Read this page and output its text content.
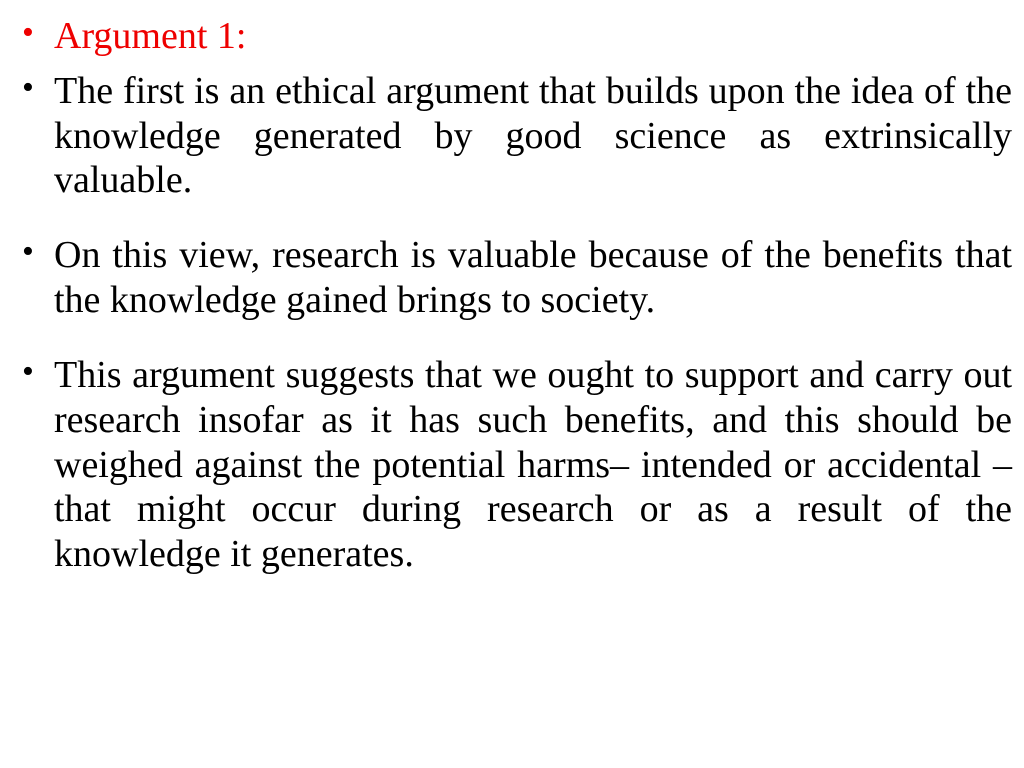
• Argument 1:
• The first is an ethical argument that builds upon the idea of the knowledge generated by good science as extrinsically valuable.
• On this view, research is valuable because of the benefits that the knowledge gained brings to society.
• This argument suggests that we ought to support and carry out research insofar as it has such benefits, and this should be weighed against the potential harms– intended or accidental – that might occur during research or as a result of the knowledge it generates.
